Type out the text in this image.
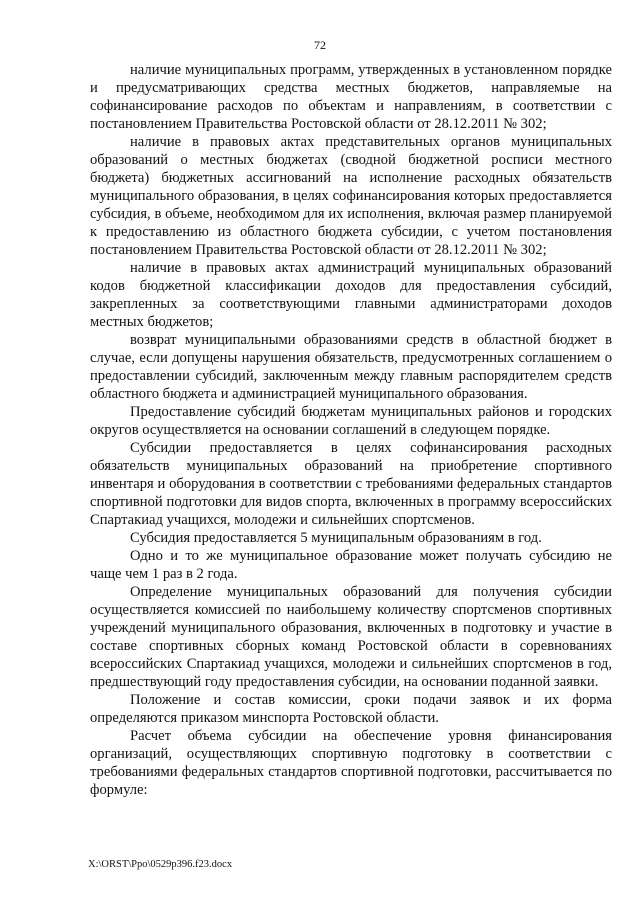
72

наличие муниципальных программ, утвержденных в установленном порядке и предусматривающих средства местных бюджетов, направляемые на софинансирование расходов по объектам и направлениям, в соответствии с постановлением Правительства Ростовской области от 28.12.2011 № 302;

наличие в правовых актах представительных органов муниципальных образований о местных бюджетах (сводной бюджетной росписи местного бюджета) бюджетных ассигнований на исполнение расходных обязательств муниципального образования, в целях софинансирования которых предоставляется субсидия, в объеме, необходимом для их исполнения, включая размер планируемой к предоставлению из областного бюджета субсидии, с учетом постановления постановлением Правительства Ростовской области от 28.12.2011 № 302;

наличие в правовых актах администраций муниципальных образований кодов бюджетной классификации доходов для предоставления субсидий, закрепленных за соответствующими главными администраторами доходов местных бюджетов;

возврат муниципальными образованиями средств в областной бюджет в случае, если допущены нарушения обязательств, предусмотренных соглашением о предоставлении субсидий, заключенным между главным распорядителем средств областного бюджета и администрацией муниципального образования.

Предоставление субсидий бюджетам муниципальных районов и городских округов осуществляется на основании соглашений в следующем порядке.

Субсидии предоставляется в целях софинансирования расходных обязательств муниципальных образований на приобретение спортивного инвентаря и оборудования в соответствии с требованиями федеральных стандартов спортивной подготовки для видов спорта, включенных в программу всероссийских Спартакиад учащихся, молодежи и сильнейших спортсменов.

Субсидия предоставляется 5 муниципальным образованиям в год.

Одно и то же муниципальное образование может получать субсидию не чаще чем 1 раз в 2 года.

Определение муниципальных образований для получения субсидии осуществляется комиссией по наибольшему количеству спортсменов спортивных учреждений муниципального образования, включенных в подготовку и участие в составе спортивных сборных команд Ростовской области в соревнованиях всероссийских Спартакиад учащихся, молодежи и сильнейших спортсменов в год, предшествующий году предоставления субсидии, на основании поданной заявки.

Положение и состав комиссии, сроки подачи заявок и их форма определяются приказом минспорта Ростовской области.

Расчет объема субсидии на обеспечение уровня финансирования организаций, осуществляющих спортивную подготовку в соответствии с требованиями федеральных стандартов спортивной подготовки, рассчитывается по формуле:

X:\ORST\Ppo\0529p396.f23.docx
